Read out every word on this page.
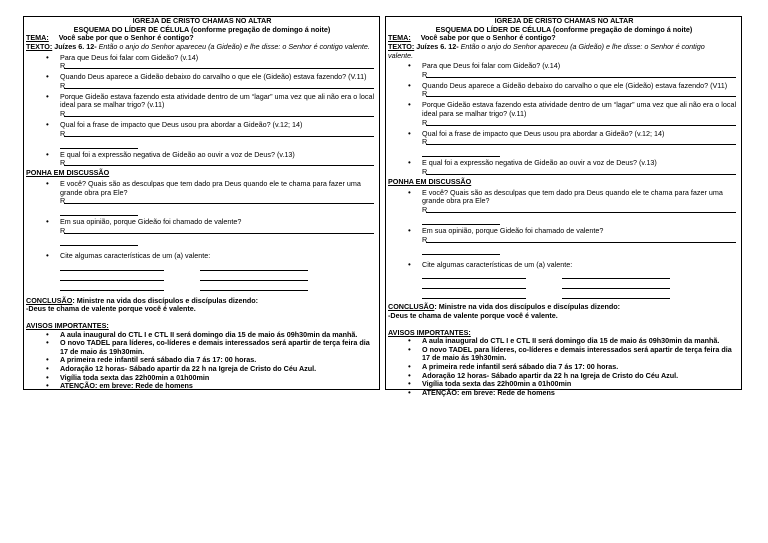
IGREJA DE CRISTO CHAMAS NO ALTAR
ESQUEMA DO LÍDER DE CÉLULA (conforme pregação de domingo á noite)
TEMA: Você sabe por que o Senhor é contigo?
TEXTO: Juízes 6. 12- Então o anjo do Senhor apareceu (a Gideão) e lhe disse: o Senhor é contigo valente.
• Para que Deus foi falar com Gideão? (v.14)
R
• Quando Deus aparece a Gideão debaixo do carvalho o que ele (Gideão) estava fazendo? (V.11)
R
• Porque Gideão estava fazendo esta atividade dentro de um “lagar” uma vez que ali não era o local ideal para se malhar trigo? (v.11)
R
• Qual foi a frase de impacto que Deus usou pra abordar a Gideão? (v.12; 14)
R
• E qual foi a expressão negativa de Gideão ao ouvir a voz de Deus? (v.13)
R
PONHA EM DISCUSSÃO
• E você? Quais são as desculpas que tem dado pra Deus quando ele te chama para fazer uma grande obra pra Ele?
R
• Em sua opinião, porque Gideão foi chamado de valente?
R
• Cite algumas características de um (a) valente:
CONCLUSÃO: Ministre na vida dos discípulos e discípulas dizendo:
-Deus te chama de valente porque você é valente.
AVISOS IMPORTANTES:
• A aula inaugural do CTL I e CTL II será domingo dia 15 de maio ás 09h30min da manhã.
• O novo TADEL para líderes, co-líderes e demais interessados será apartir de terça feira dia 17 de maio ás 19h30min.
• A primeira rede infantil será sábado dia 7 ás 17: 00 horas.
• Adoração 12 horas- Sábado apartir da 22 h na Igreja de Cristo do Céu Azul.
• Vigília toda sexta das 22h00min a 01h00min
• ATENÇÃO: em breve: Rede de homens
IGREJA DE CRISTO CHAMAS NO ALTAR
ESQUEMA DO LÍDER DE CÉLULA (conforme pregação de domingo á noite)
TEMA: Você sabe por que o Senhor é contigo?
TEXTO: Juízes 6. 12- Então o anjo do Senhor apareceu (a Gideão) e lhe disse: o Senhor é contigo
valente.
• Para que Deus foi falar com Gideão? (v.14)
R
• Quando Deus aparece a Gideão debaixo do carvalho o que ele (Gideão) estava fazendo? (V11)
R
• Porque Gideão estava fazendo esta atividade dentro de um “lagar” uma vez que ali não era o local ideal para se malhar trigo? (v.11)
R
• Qual foi a frase de impacto que Deus usou pra abordar a Gideão? (v.12; 14)
R
• E qual foi a expressão negativa de Gideão ao ouvir a voz de Deus? (v.13)
R
PONHA EM DISCUSSÃO
• E você? Quais são as desculpas que tem dado pra Deus quando ele te chama para fazer uma grande obra pra Ele?
R
• Em sua opinião, porque Gideão foi chamado de valente?
R
• Cite algumas características de um (a) valente:
CONCLUSÃO: Ministre na vida dos discípulos e discípulas dizendo:
-Deus te chama de valente porque você é valente.
AVISOS IMPORTANTES:
• A aula inaugural do CTL I e CTL II será domingo dia 15 de maio ás 09h30min da manhã.
• O novo TADEL para líderes, co-líderes e demais interessados será apartir de terça feira dia 17 de maio ás 19h30min.
• A primeira rede infantil será sábado dia 7 ás 17: 00 horas.
• Adoração 12 horas- Sábado apartir da 22 h na Igreja de Cristo do Céu Azul.
• Vigília toda sexta das 22h00min a 01h00min
• ATENÇÃO: em breve: Rede de homens
